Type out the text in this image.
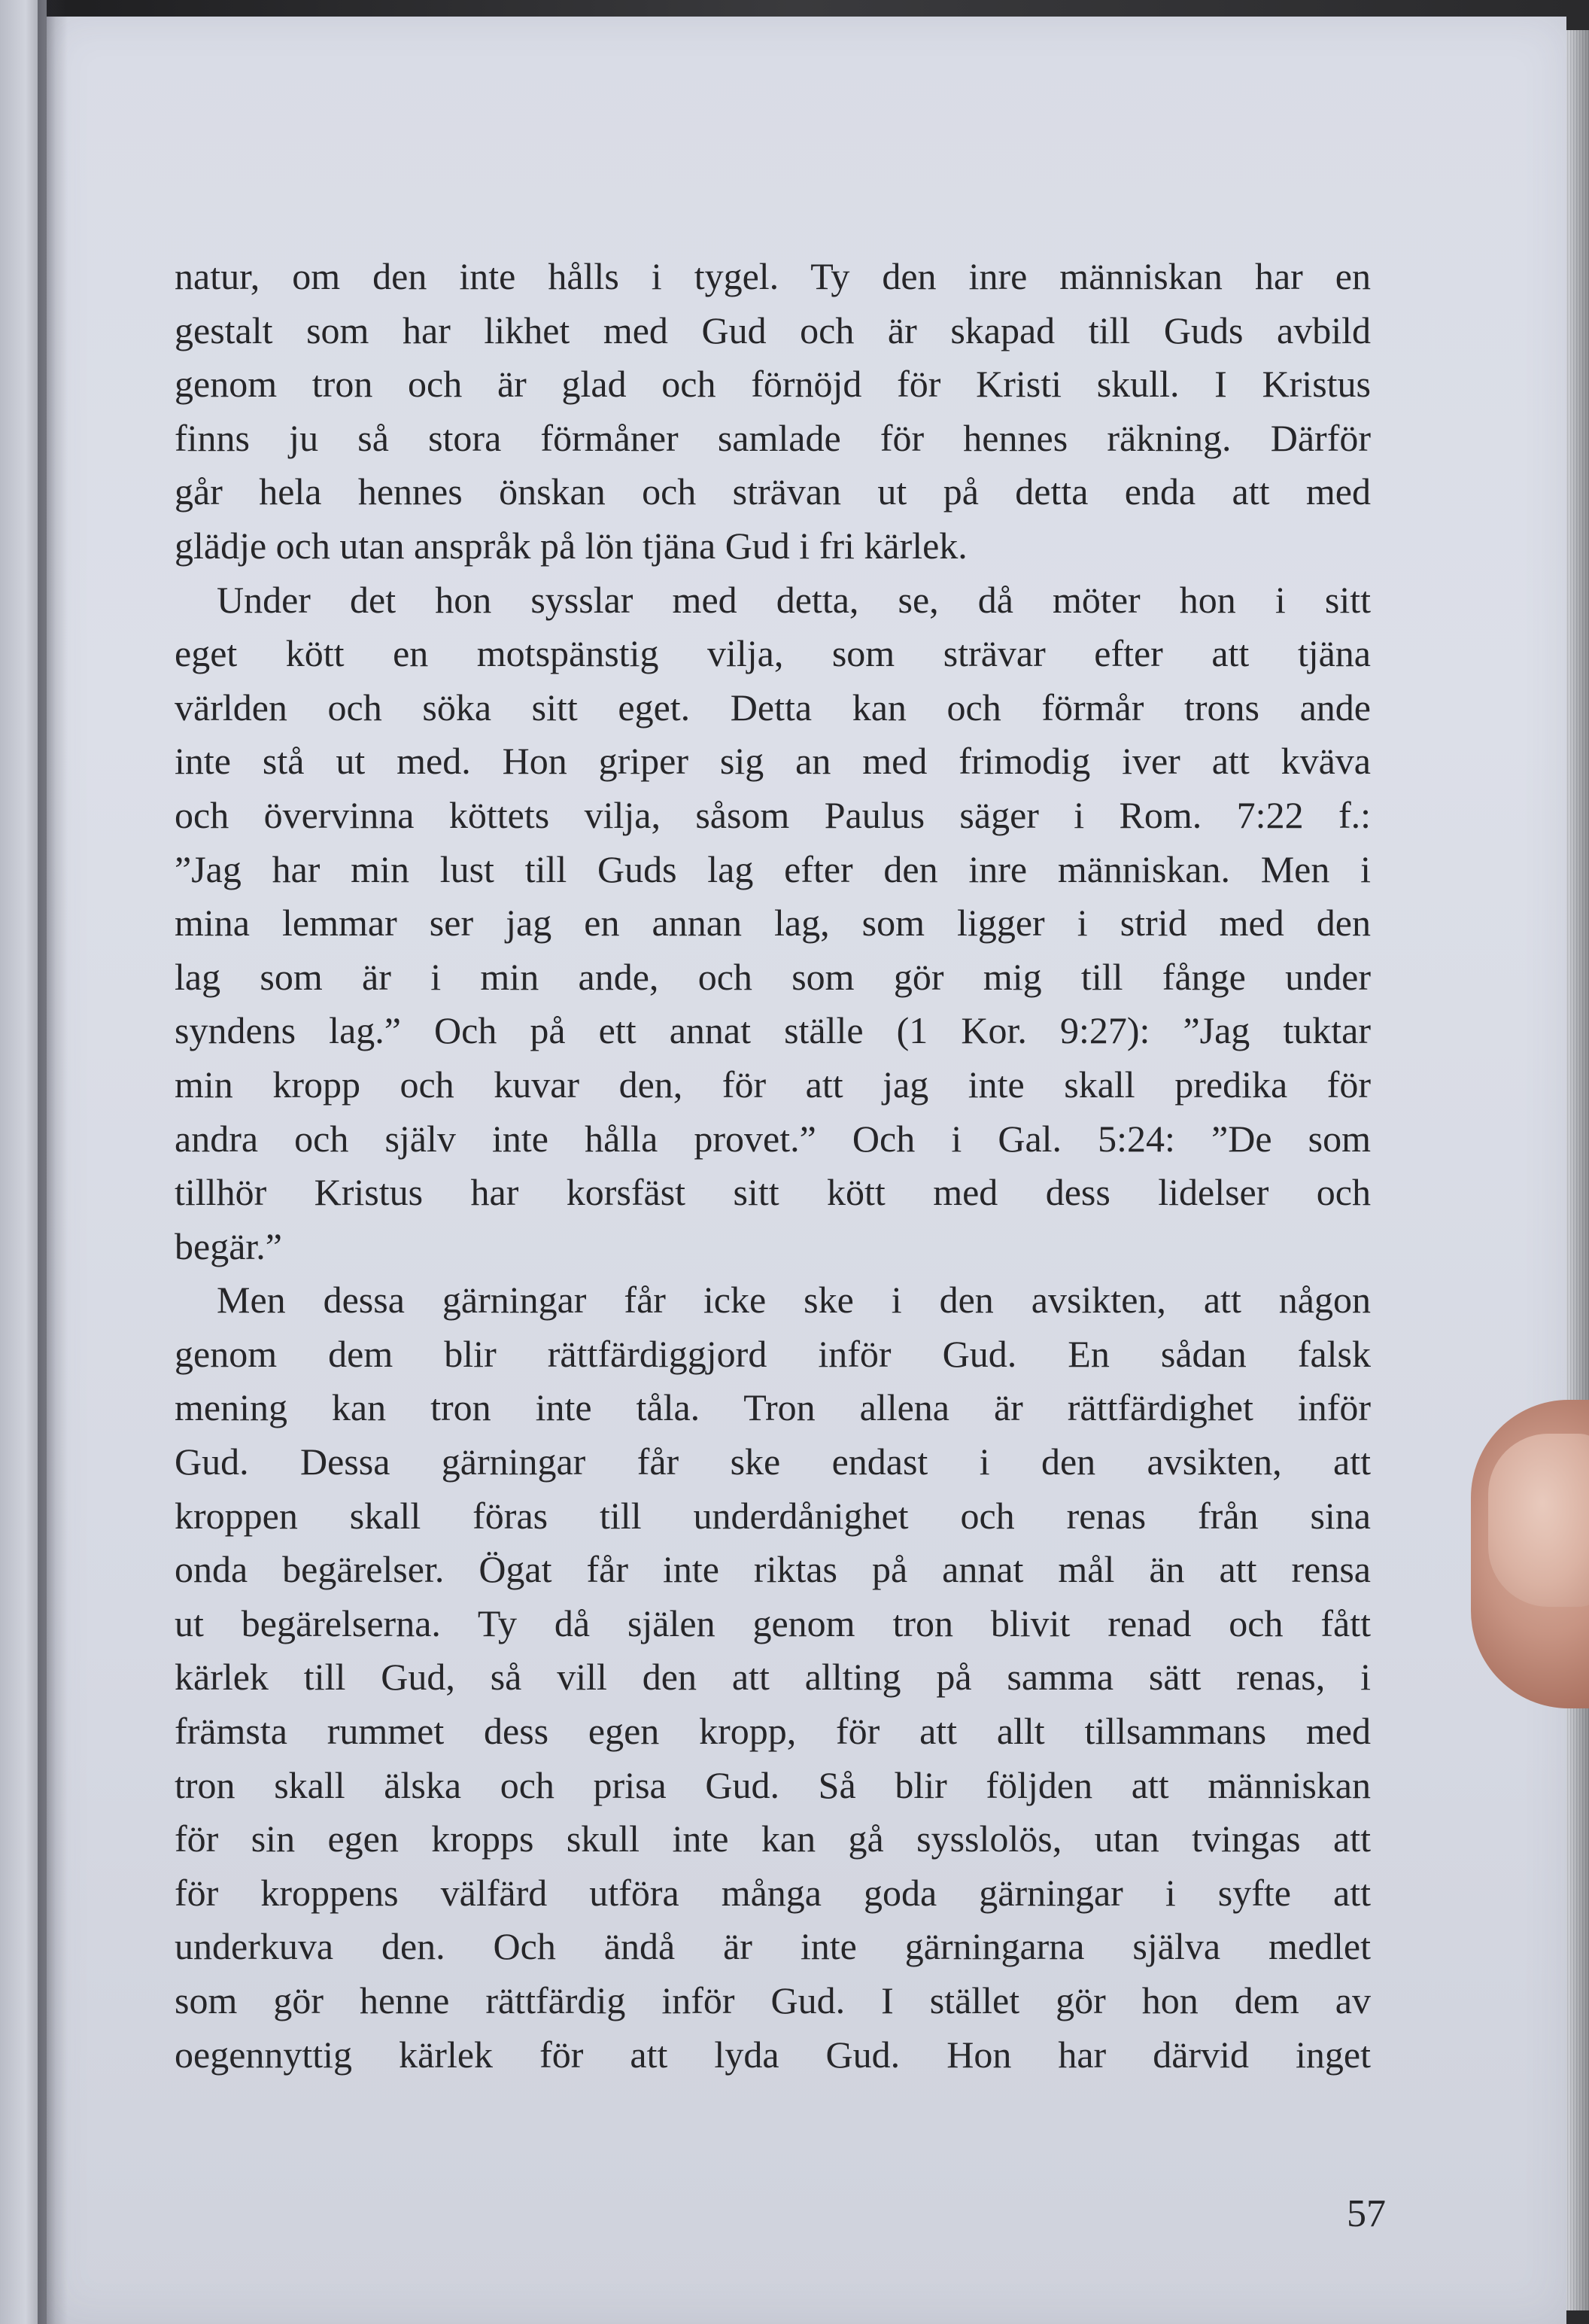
natur, om den inte hålls i tygel. Ty den inre människan har en
gestalt som har likhet med Gud och är skapad till Guds avbild
genom tron och är glad och förnöjd för Kristi skull. I Kristus
finns ju så stora förmåner samlade för hennes räkning. Därför
går hela hennes önskan och strävan ut på detta enda att med
glädje och utan anspråk på lön tjäna Gud i fri kärlek.
Under det hon sysslar med detta, se, då möter hon i sitt
eget kött en motspänstig vilja, som strävar efter att tjäna
världen och söka sitt eget. Detta kan och förmår trons ande
inte stå ut med. Hon griper sig an med frimodig iver att kväva
och övervinna köttets vilja, såsom Paulus säger i Rom. 7:22 f.:
”Jag har min lust till Guds lag efter den inre människan. Men i
mina lemmar ser jag en annan lag, som ligger i strid med den
lag som är i min ande, och som gör mig till fånge under
syndens lag.” Och på ett annat ställe (1 Kor. 9:27): ”Jag tuktar
min kropp och kuvar den, för att jag inte skall predika för
andra och själv inte hålla provet.” Och i Gal. 5:24: ”De som
tillhör Kristus har korsfäst sitt kött med dess lidelser och
begär.”
Men dessa gärningar får icke ske i den avsikten, att någon
genom dem blir rättfärdiggjord inför Gud. En sådan falsk
mening kan tron inte tåla. Tron allena är rättfärdighet inför
Gud. Dessa gärningar får ske endast i den avsikten, att
kroppen skall föras till underdånighet och renas från sina
onda begärelser. Ögat får inte riktas på annat mål än att rensa
ut begärelserna. Ty då själen genom tron blivit renad och fått
kärlek till Gud, så vill den att allting på samma sätt renas, i
främsta rummet dess egen kropp, för att allt tillsammans med
tron skall älska och prisa Gud. Så blir följden att människan
för sin egen kropps skull inte kan gå sysslolös, utan tvingas att
för kroppens välfärd utföra många goda gärningar i syfte att
underkuva den. Och ändå är inte gärningarna själva medlet
som gör henne rättfärdig inför Gud. I stället gör hon dem av
oegennyttig kärlek för att lyda Gud. Hon har därvid inget
57
